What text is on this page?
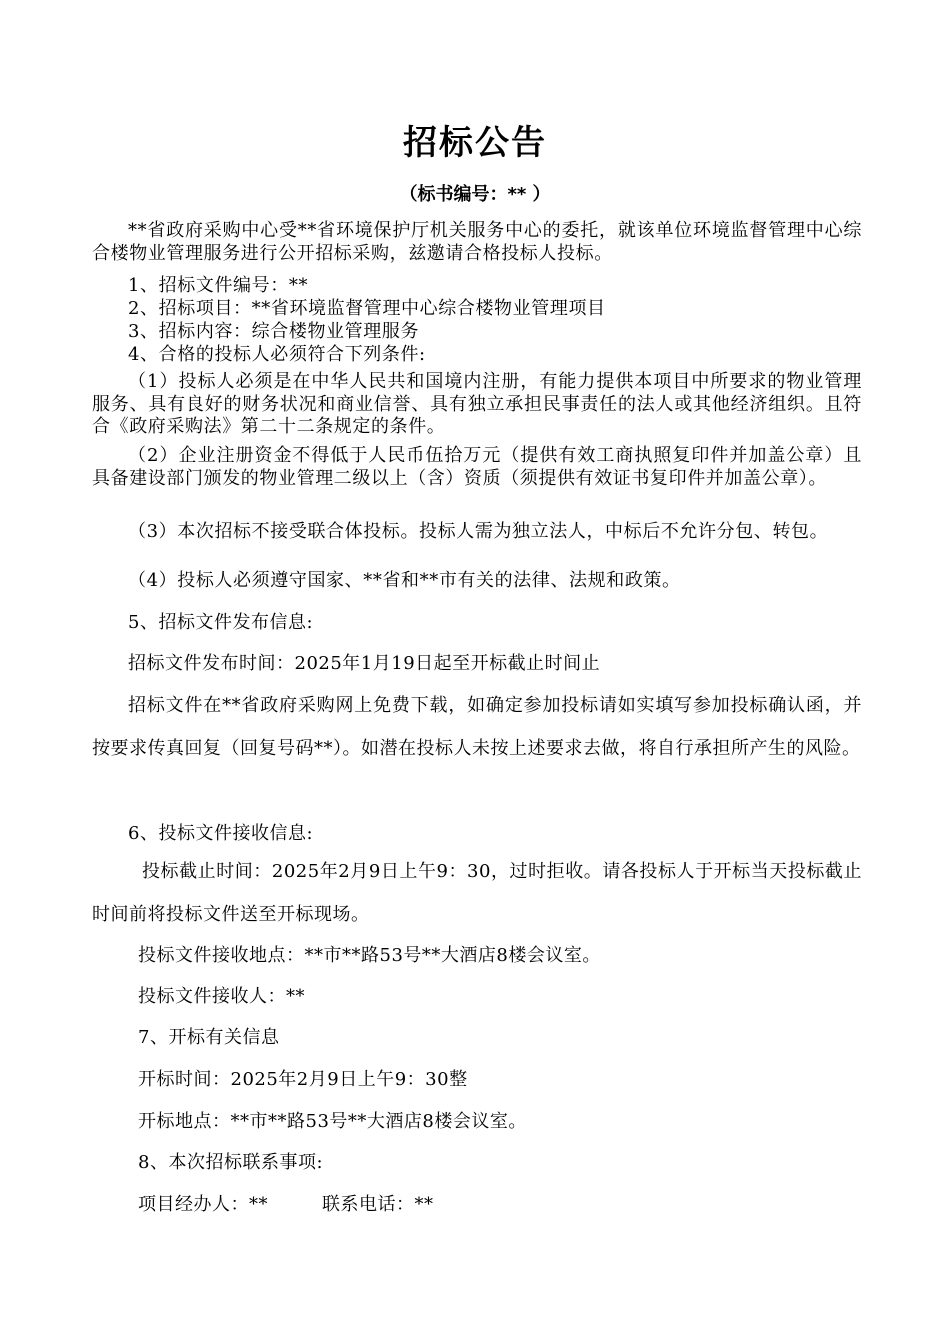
招标公告
（标书编号：** ）

**省政府采购中心受**省环境保护厅机关服务中心的委托，就该单位环境监督管理中心综合楼物业管理服务进行公开招标采购，兹邀请合格投标人投标。

1、招标文件编号：**

2、招标项目：**省环境监督管理中心综合楼物业管理项目

3、招标内容：综合楼物业管理服务

4、合格的投标人必须符合下列条件:

（1）投标人必须是在中华人民共和国境内注册，有能力提供本项目中所要求的物业管理服务、具有良好的财务状况和商业信誉、具有独立承担民事责任的法人或其他经济组织。且符合《政府采购法》第二十二条规定的条件。

（2）企业注册资金不得低于人民币伍拾万元（提供有效工商执照复印件并加盖公章）且具备建设部门颁发的物业管理二级以上（含）资质（须提供有效证书复印件并加盖公章）。

（3）本次招标不接受联合体投标。投标人需为独立法人，中标后不允许分包、转包。

（4）投标人必须遵守国家、**省和**市有关的法律、法规和政策。

5、招标文件发布信息:

招标文件发布时间：2025年1月19日起至开标截止时间止

招标文件在**省政府采购网上免费下载，如确定参加投标请如实填写参加投标确认函，并按要求传真回复（回复号码**）。如潜在投标人未按上述要求去做，将自行承担所产生的风险。

6、投标文件接收信息:

投标截止时间：2025年2月9日上午9：30，过时拒收。请各投标人于开标当天投标截止时间前将投标文件送至开标现场。

投标文件接收地点：**市**路53号**大酒店8楼会议室。

投标文件接收人：**

7、开标有关信息

开标时间：2025年2月9日上午9：30整

开标地点：**市**路53号**大酒店8楼会议室。

8、本次招标联系事项:

项目经办人：**	联系电话：**
